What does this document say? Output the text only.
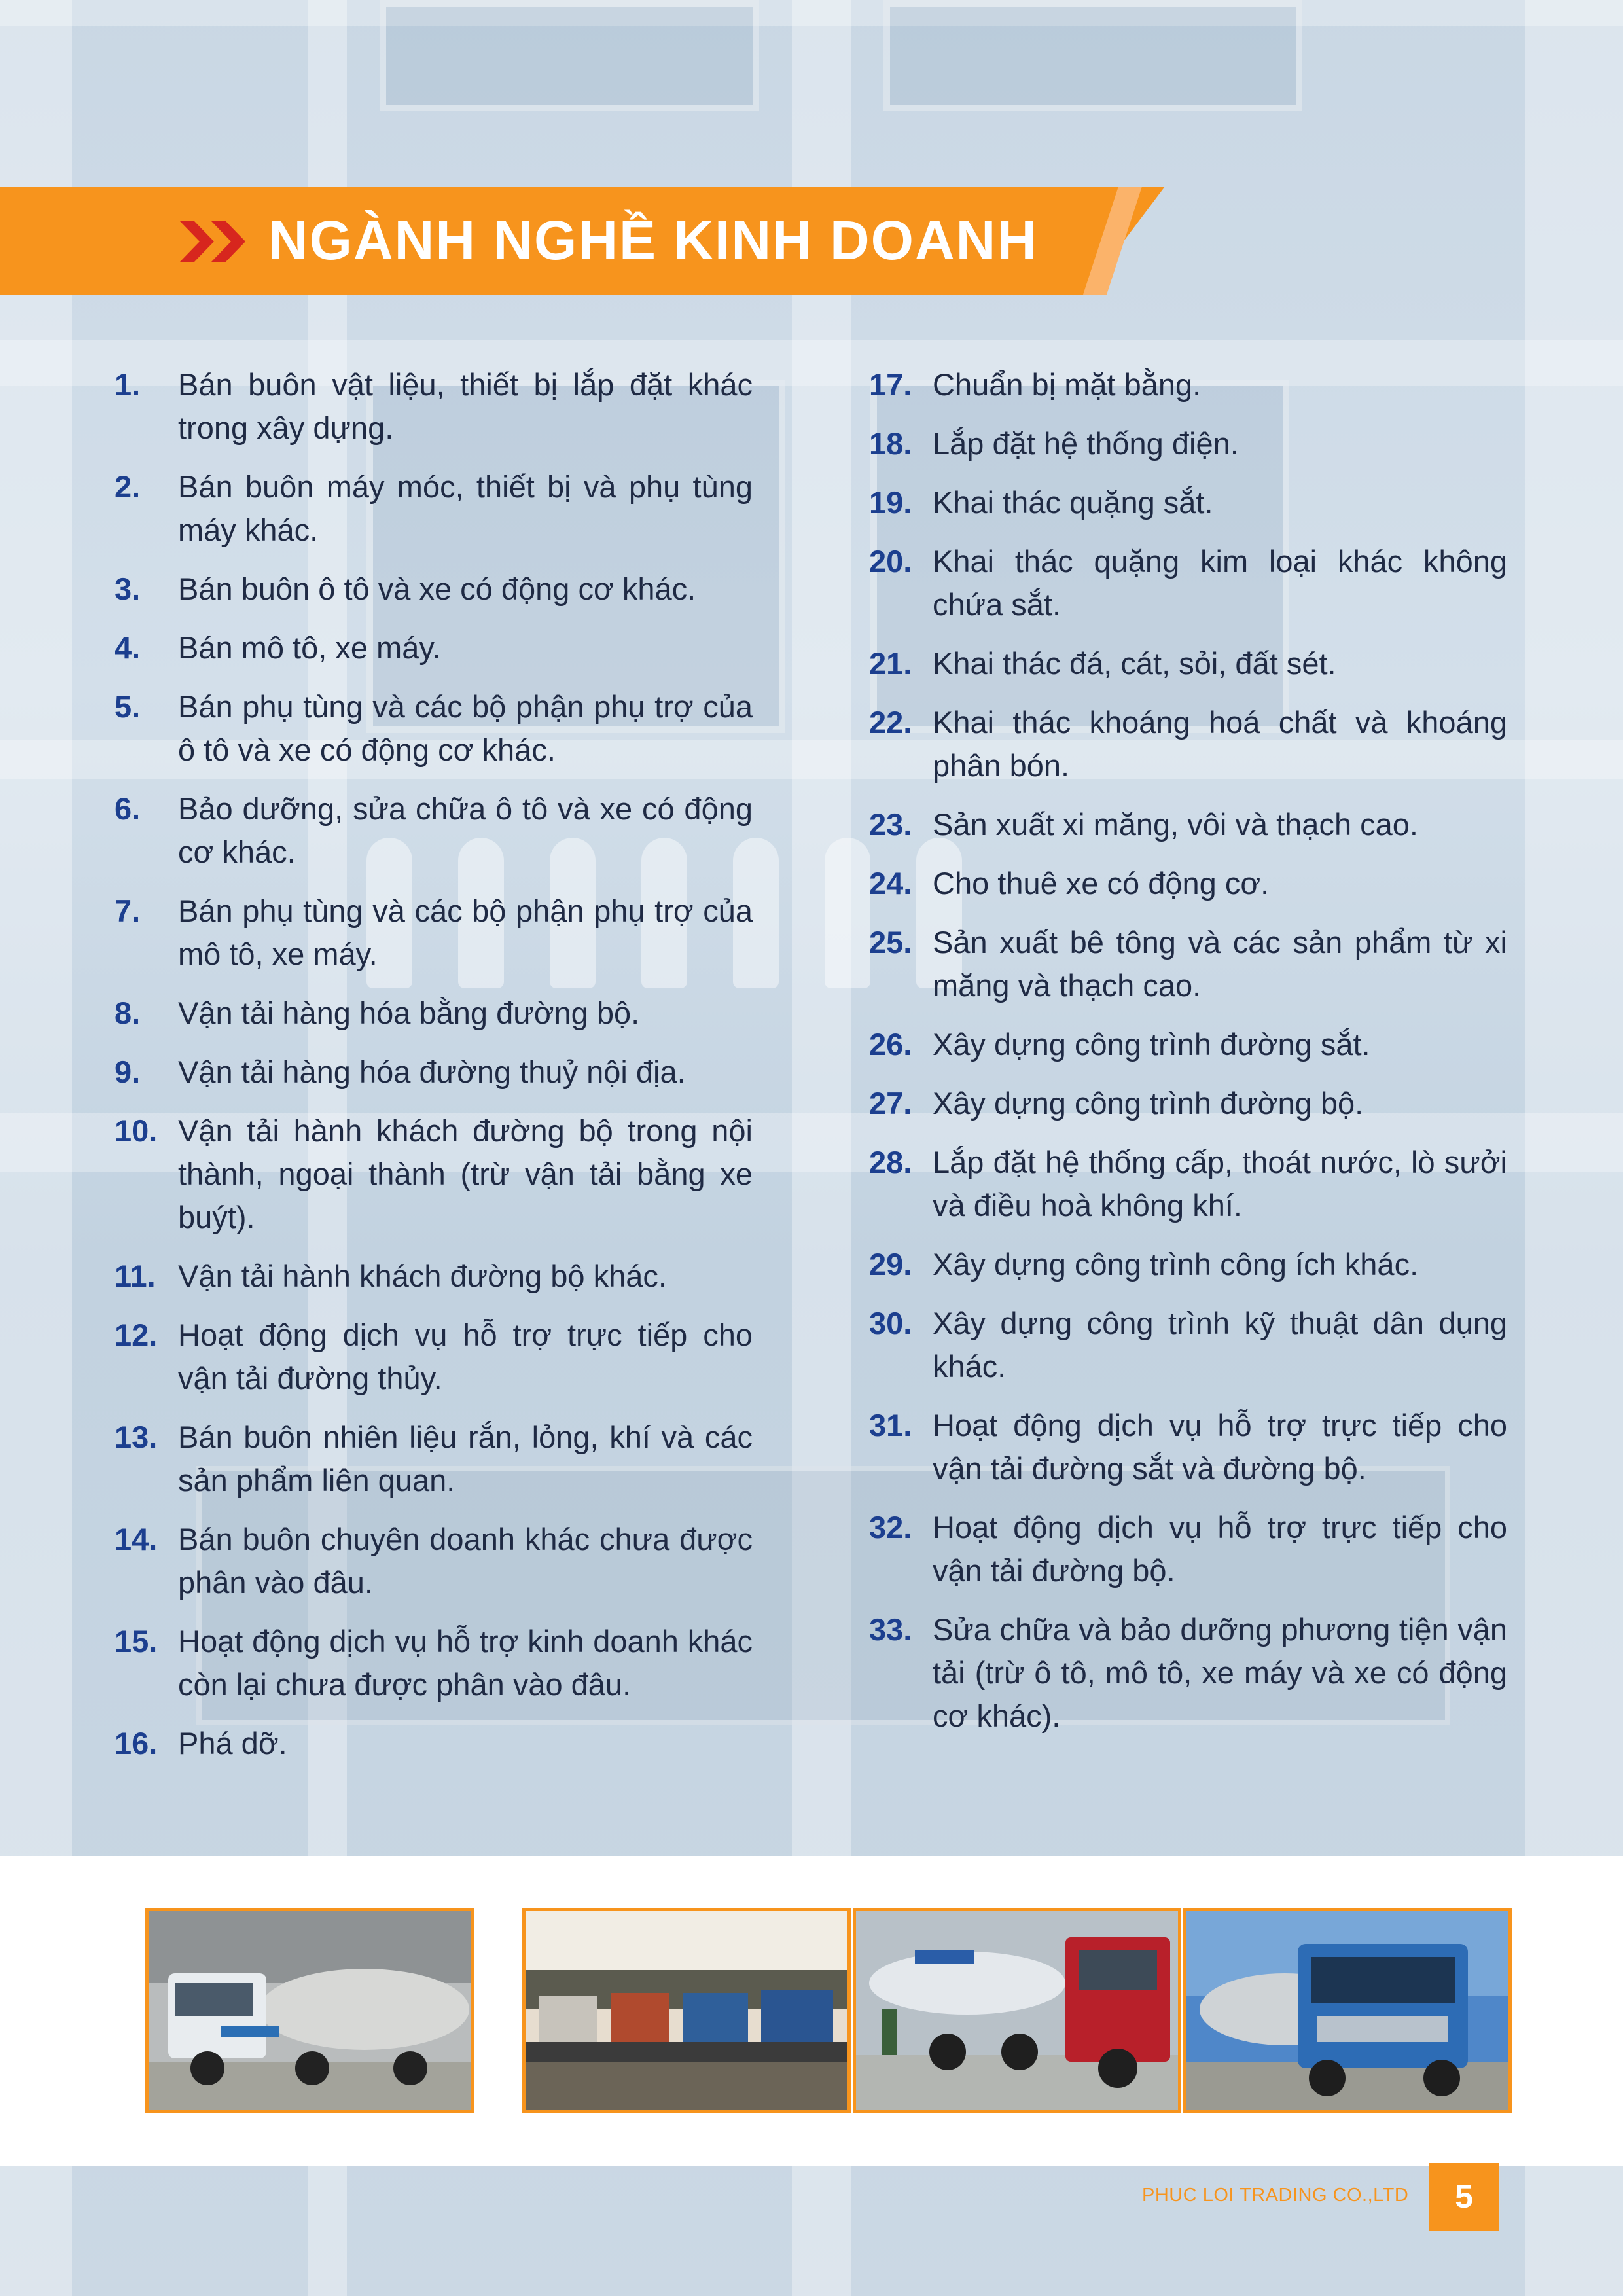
NGÀNH NGHỀ KINH DOANH
1. Bán buôn vật liệu, thiết bị lắp đặt khác trong xây dựng.
2. Bán buôn máy móc, thiết bị và phụ tùng máy khác.
3. Bán buôn ô tô và xe có động cơ khác.
4. Bán mô tô, xe máy.
5. Bán phụ tùng và các bộ phận phụ trợ của ô tô và xe có động cơ khác.
6. Bảo dưỡng, sửa chữa ô tô và xe có động cơ khác.
7. Bán phụ tùng và các bộ phận phụ trợ của mô tô, xe máy.
8. Vận tải hàng hóa bằng đường bộ.
9. Vận tải hàng hóa đường thuỷ nội địa.
10. Vận tải hành khách đường bộ trong nội thành, ngoại thành (trừ vận tải bằng xe buýt).
11. Vận tải hành khách đường bộ khác.
12. Hoạt động dịch vụ hỗ trợ trực tiếp cho vận tải đường thủy.
13. Bán buôn nhiên liệu rắn, lỏng, khí và các sản phẩm liên quan.
14. Bán buôn chuyên doanh khác chưa được phân vào đâu.
15. Hoạt động dịch vụ hỗ trợ kinh doanh khác còn lại chưa được phân vào đâu.
16. Phá dỡ.
17. Chuẩn bị mặt bằng.
18. Lắp đặt hệ thống điện.
19. Khai thác quặng sắt.
20. Khai thác quặng kim loại khác không chứa sắt.
21. Khai thác đá, cát, sỏi, đất sét.
22. Khai thác khoáng hoá chất và khoáng phân bón.
23. Sản xuất xi măng, vôi và thạch cao.
24. Cho thuê xe có động cơ.
25. Sản xuất bê tông và các sản phẩm từ xi măng và thạch cao.
26. Xây dựng công trình đường sắt.
27. Xây dựng công trình đường bộ.
28. Lắp đặt hệ thống cấp, thoát nước, lò sưởi và điều hoà không khí.
29. Xây dựng công trình công ích khác.
30. Xây dựng công trình kỹ thuật dân dụng khác.
31. Hoạt động dịch vụ hỗ trợ trực tiếp cho vận tải đường sắt và đường bộ.
32. Hoạt động dịch vụ hỗ trợ trực tiếp cho vận tải đường bộ.
33. Sửa chữa và bảo dưỡng phương tiện vận tải (trừ ô tô, mô tô, xe máy và xe có động cơ khác).
PHUC LOI TRADING CO.,LTD	5
